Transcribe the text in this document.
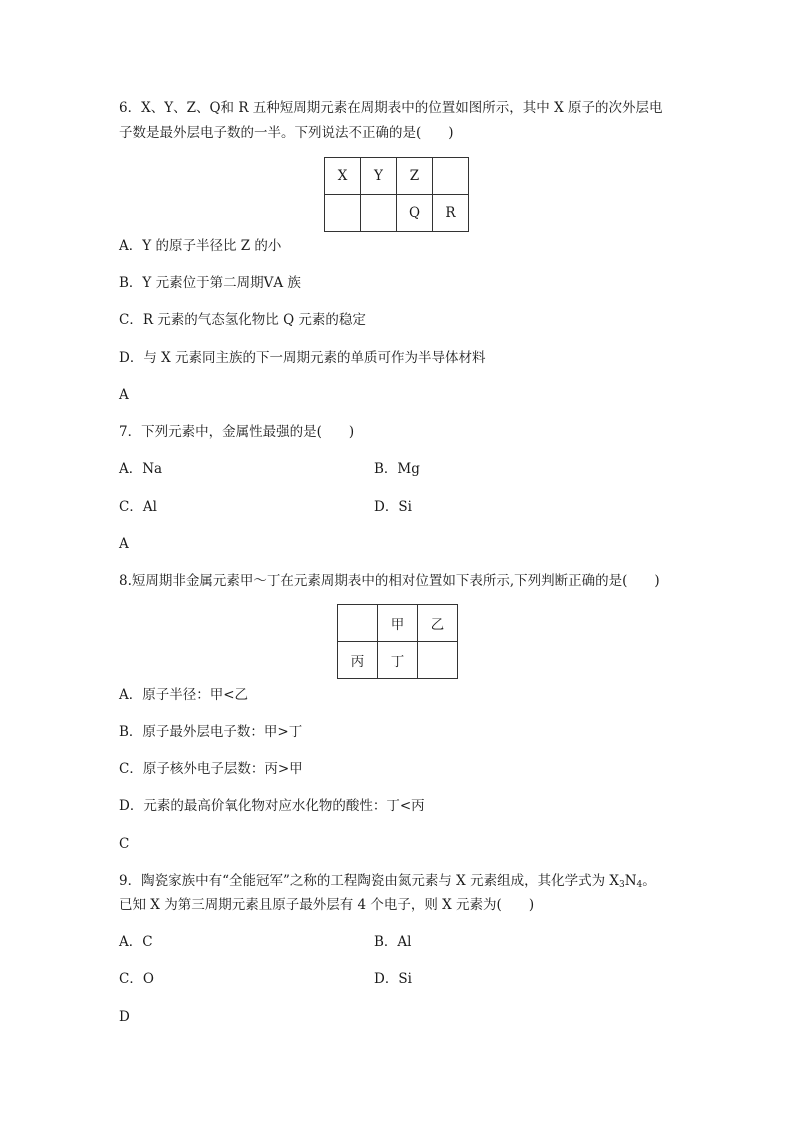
6．X、Y、Z、Q和 R 五种短周期元素在周期表中的位置如图所示，其中 X 原子的次外层电
子数是最外层电子数的一半。下列说法不正确的是(　　)
X	Y	Z	
		Q	R
A．Y 的原子半径比 Z 的小
B．Y 元素位于第二周期ⅤA 族
C．R 元素的气态氢化物比 Q 元素的稳定
D．与 X 元素同主族的下一周期元素的单质可作为半导体材料
A
7．下列元素中，金属性最强的是(　　)
A．Na	B．Mg
C．Al	D．Si
A
8.短周期非金属元素甲～丁在元素周期表中的相对位置如下表所示,下列判断正确的是(　　)
	甲	乙
丙	丁	
A．原子半径：甲<乙
B．原子最外层电子数：甲>丁
C．原子核外电子层数：丙>甲
D．元素的最高价氧化物对应水化物的酸性：丁<丙
C
9．陶瓷家族中有“全能冠军”之称的工程陶瓷由氮元素与 X 元素组成，其化学式为 $X_3N_4$。
已知 X 为第三周期元素且原子最外层有 4 个电子，则 X 元素为(　　)
A．C	B．Al
C．O	D．Si
D
